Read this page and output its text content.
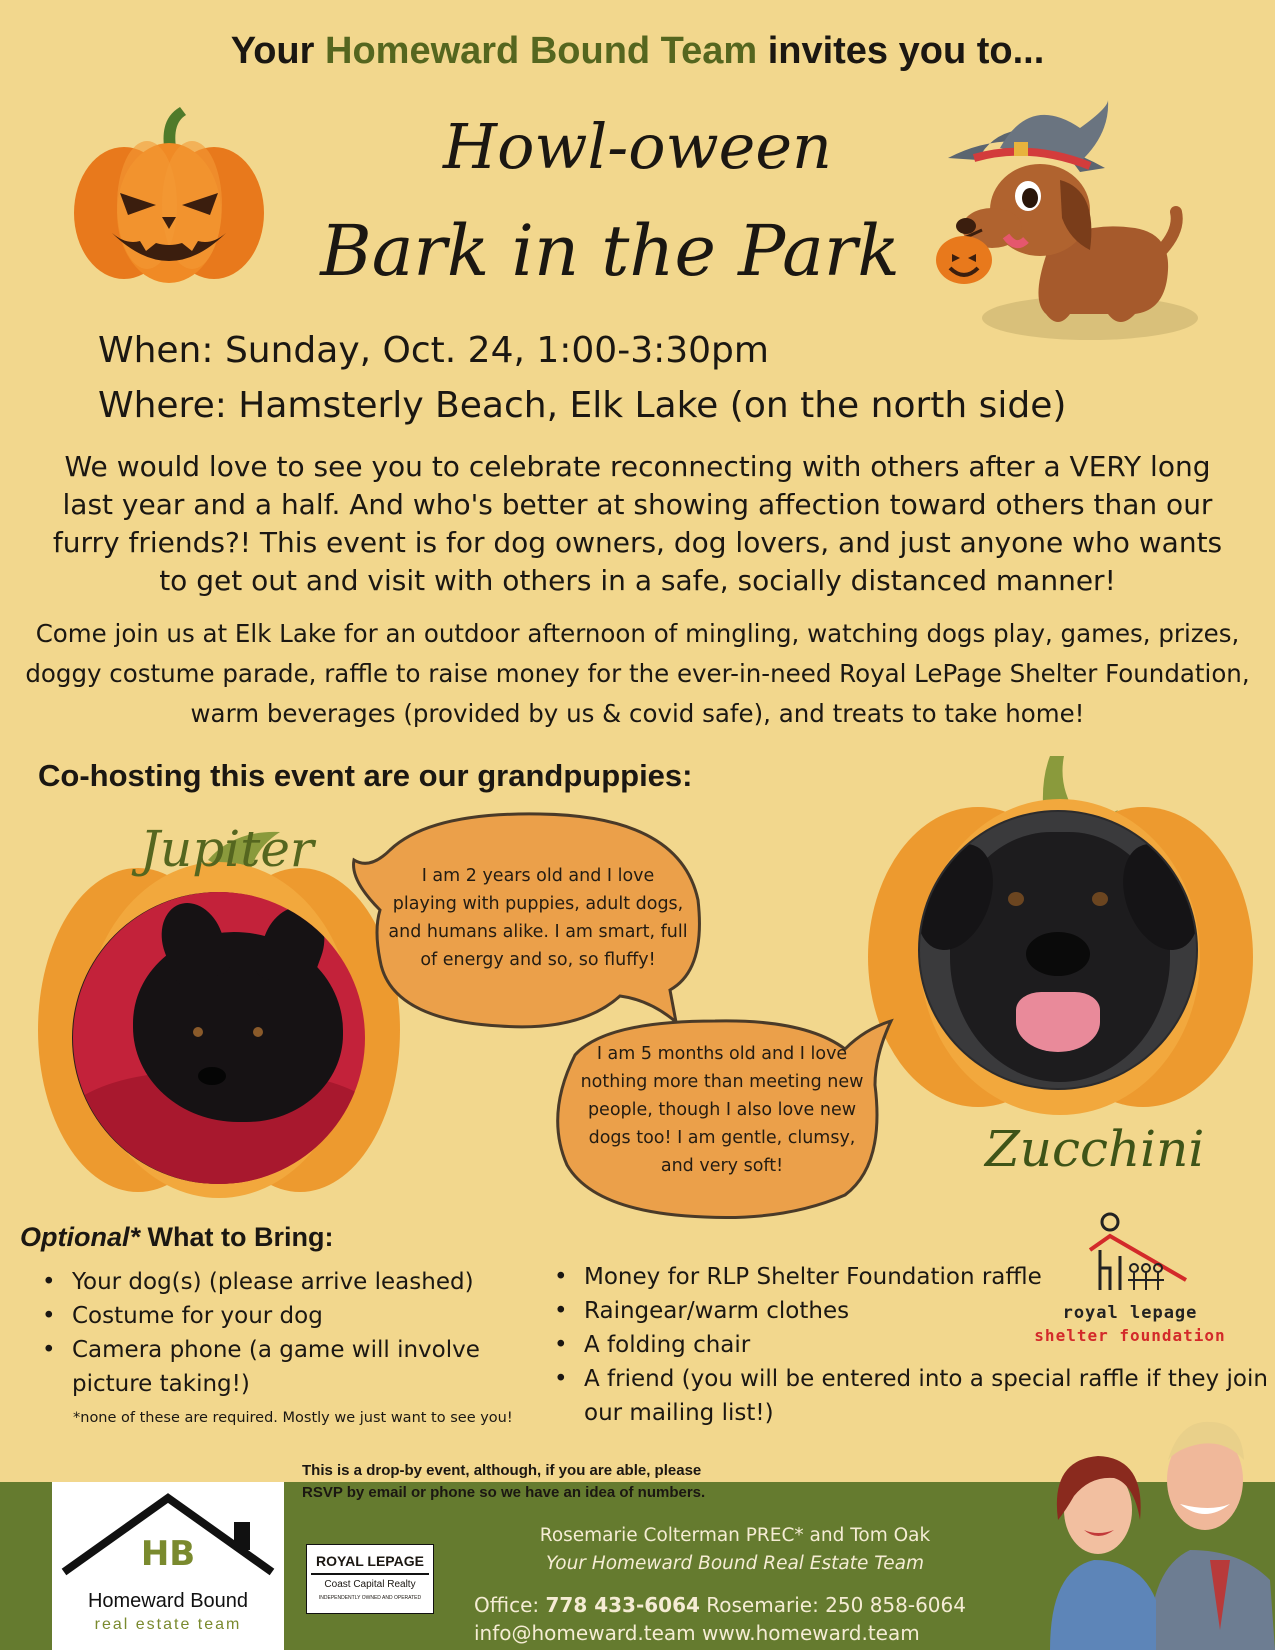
Your Homeward Bound Team invites you to...
Howl-oween
Bark in the Park
When: Sunday, Oct. 24, 1:00-3:30pm
Where: Hamsterly Beach, Elk Lake (on the north side)
We would love to see you to celebrate reconnecting with others after a VERY long last year and a half. And who's better at showing affection toward others than our furry friends?! This event is for dog owners, dog lovers, and just anyone who wants to get out and visit with others in a safe, socially distanced manner!
Come join us at Elk Lake for an outdoor afternoon of mingling, watching dogs play, games, prizes, doggy costume parade, raffle to raise money for the ever-in-need Royal LePage Shelter Foundation, warm beverages (provided by us & covid safe), and treats to take home!
Co-hosting this event are our grandpuppies:
Jupiter
Zucchini
I am 2 years old and I love playing with puppies, adult dogs, and humans alike. I am smart, full of energy and so, so fluffy!
I am 5 months old and I love nothing more than meeting new people, though I also love new dogs too! I am gentle, clumsy, and very soft!
Optional* What to Bring:
• Your dog(s) (please arrive leashed)
• Costume for your dog
• Camera phone (a game will involve picture taking!)
*none of these are required. Mostly we just want to see you!
• Money for RLP Shelter Foundation raffle
• Raingear/warm clothes
• A folding chair
• A friend (you will be entered into a special raffle if they join our mailing list!)
royal lepage
shelter foundation
This is a drop-by event, although, if you are able, please
RSVP by email or phone so we have an idea of numbers.
HB
Homeward Bound
real estate team
ROYAL LEPAGE
Coast Capital Realty
INDEPENDENTLY OWNED AND OPERATED
Rosemarie Colterman PREC* and Tom Oak
Your Homeward Bound Real Estate Team
Office: 778 433-6064 Rosemarie: 250 858-6064
info@homeward.team www.homeward.team
